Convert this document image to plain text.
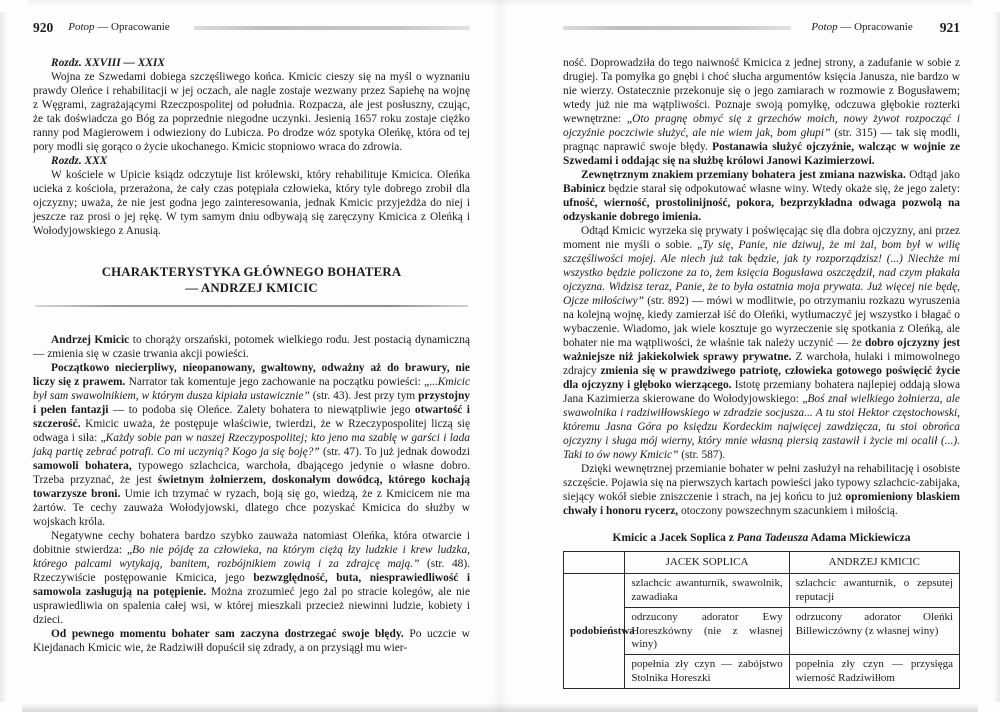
920 Potop — Opracowanie

Rozdz. XXVIII — XXIX

Wojna ze Szwedami dobiega szczęśliwego końca. Kmicic cieszy się na myśl o wyznaniu prawdy Oleńce i rehabilitacji w jej oczach, ale nagle zostaje wezwany przez Sapiehę na wojnę z Węgrami, zagrażającymi Rzeczpospolitej od południa. Rozpacza, ale jest posłuszny, czując, że tak doświadcza go Bóg za poprzednie niegodne uczynki. Jesienią 1657 roku zostaje ciężko ranny pod Magierowem i odwieziony do Lubicza. Po drodze wóz spotyka Oleńkę, która od tej pory modli się gorąco o życie ukochanego. Kmicic stopniowo wraca do zdrowia.

Rozdz. XXX

W kościele w Upicie ksiądz odczytuje list królewski, który rehabilituje Kmicica. Oleńka ucieka z kościoła, przerażona, że cały czas potępiała człowieka, który tyle dobrego zrobił dla ojczyzny; uważa, że nie jest godna jego zainteresowania, jednak Kmicic przyjeżdża do niej i jeszcze raz prosi o jej rękę. W tym samym dniu odbywają się zaręczyny Kmicica z Oleńką i Wołodyjowskiego z Anusią.

CHARAKTERYSTYKA GŁÓWNEGO BOHATERA
— ANDRZEJ KMICIC

Andrzej Kmicic to chorąży orszański, potomek wielkiego rodu. Jest postacią dynamiczną — zmienia się w czasie trwania akcji powieści.

Początkowo niecierpliwy, nieopanowany, gwałtowny, odważny aż do brawury, nie liczy się z prawem. Narrator tak komentuje jego zachowanie na początku powieści: „...Kmicic był sam swawolnikiem, w którym dusza kipiała ustawicznie” (str. 43). Jest przy tym przystojny i pełen fantazji — to podoba się Oleńce. Zalety bohatera to niewątpliwie jego otwartość i szczerość. Kmicic uważa, że postępuje właściwie, twierdzi, że w Rzeczypospolitej liczą się odwaga i siła: „Każdy sobie pan w naszej Rzeczypospolitej; kto jeno ma szablę w garści i lada jaką partię zebrać potrafi. Co mi uczynią? Kogo ja się boję?” (str. 47). To już jednak dowodzi samowoli bohatera, typowego szlachcica, warchoła, dbającego jedynie o własne dobro. Trzeba przyznać, że jest świetnym żołnierzem, doskonałym dowódcą, którego kochają towarzysze broni. Umie ich trzymać w ryzach, boją się go, wiedzą, że z Kmicicem nie ma żartów. Te cechy zauważa Wołodyjowski, dlatego chce pozyskać Kmicica do służby w wojskach króla.

Negatywne cechy bohatera bardzo szybko zauważa natomiast Oleńka, która otwarcie i dobitnie stwierdza: „Bo nie pójdę za człowieka, na którym ciężą łzy ludzkie i krew ludzka, którego palcami wytykają, banitem, rozbójnikiem zowią i za zdrajcę mają.” (str. 48). Rzeczywiście postępowanie Kmicica, jego bezwzględność, buta, niesprawiedliwość i samowola zasługują na potępienie. Można zrozumieć jego żal po stracie kolegów, ale nie usprawiedliwia on spalenia całej wsi, w której mieszkali przecież niewinni ludzie, kobiety i dzieci.

Od pewnego momentu bohater sam zaczyna dostrzegać swoje błędy. Po uczcie w Kiejdanach Kmicic wie, że Radziwiłł dopuścił się zdrady, a on przysiągł mu wier-

Potop — Opracowanie 921

ność. Doprowadziła do tego naiwność Kmicica z jednej strony, a zadufanie w sobie z drugiej. Ta pomyłka go gnębi i choć słucha argumentów księcia Janusza, nie bardzo w nie wierzy. Ostatecznie przekonuje się o jego zamiarach w rozmowie z Bogusławem; wtedy już nie ma wątpliwości. Poznaje swoją pomyłkę, odczuwa głębokie rozterki wewnętrzne: „Oto pragnę obmyć się z grzechów moich, nowy żywot rozpocząć i ojczyźnie poczciwie służyć, ale nie wiem jak, bom głupi” (str. 315) — tak się modli, pragnąc naprawić swoje błędy. Postanawia służyć ojczyźnie, walcząc w wojnie ze Szwedami i oddając się na służbę królowi Janowi Kazimierzowi.

Zewnętrznym znakiem przemiany bohatera jest zmiana nazwiska. Odtąd jako Babinicz będzie starał się odpokutować własne winy. Wtedy okaże się, że jego zalety: ufność, wierność, prostolinijność, pokora, bezprzykładna odwaga pozwolą na odzyskanie dobrego imienia.

Odtąd Kmicic wyrzeka się prywaty i poświęcając się dla dobra ojczyzny, ani przez moment nie myśli o sobie. „Ty się, Panie, nie dziwuj, że mi żal, bom był w wilię szczęśliwości mojej. Ale niech już tak będzie, jak ty rozporządzisz! (...) Niechże mi wszystko będzie policzone za to, żem księcia Bogusława oszczędził, nad czym płakała ojczyzna. Widzisz teraz, Panie, że to była ostatnia moja prywata. Już więcej nie będę, Ojcze miłościwy” (str. 892) — mówi w modlitwie, po otrzymaniu rozkazu wyruszenia na kolejną wojnę, kiedy zamierzał iść do Oleńki, wytłumaczyć jej wszystko i błagać o wybaczenie. Wiadomo, jak wiele kosztuje go wyrzeczenie się spotkania z Oleńką, ale bohater nie ma wątpliwości, że właśnie tak należy uczynić — że dobro ojczyzny jest ważniejsze niż jakiekolwiek sprawy prywatne. Z warchoła, hulaki i mimowolnego zdrajcy zmienia się w prawdziwego patriotę, człowieka gotowego poświęcić życie dla ojczyzny i głęboko wierzącego. Istotę przemiany bohatera najlepiej oddają słowa Jana Kazimierza skierowane do Wołodyjowskiego: „Boś znał wielkiego żołnierza, ale swawolnika i radziwiłłowskiego w zdradzie socjusza... A tu stoi Hektor częstochowski, któremu Jasna Góra po księdzu Kordeckim najwięcej zawdzięcza, tu stoi obrońca ojczyzny i sługa mój wierny, który mnie własną piersią zastawił i życie mi ocalił (...). Taki to ów nowy Kmicic” (str. 587).

Dzięki wewnętrznej przemianie bohater w pełni zasłużył na rehabilitację i osobiste szczęście. Pojawia się na pierwszych kartach powieści jako typowy szlachcic-zabijaka, siejący wokół siebie zniszczenie i strach, na jej końcu to już opromieniony blaskiem chwały i honoru rycerz, otoczony powszechnym szacunkiem i miłością.

Kmicic a Jacek Soplica z Pana Tadeusza Adama Mickiewicza
	JACEK SOPLICA	ANDRZEJ KMICIC
podobieństwa	szlachcic awanturnik, swawolnik, zawadiaka	szlachcic awanturnik, o zepsutej reputacji
	odrzucony adorator Ewy Horeszkówny (nie z własnej winy)	odrzucony adorator Oleńki Billewiczówny (z własnej winy)
	popełnia zły czyn — zabójstwo Stolnika Horeszki	popełnia zły czyn — przysięga wierność Radziwiłłom
